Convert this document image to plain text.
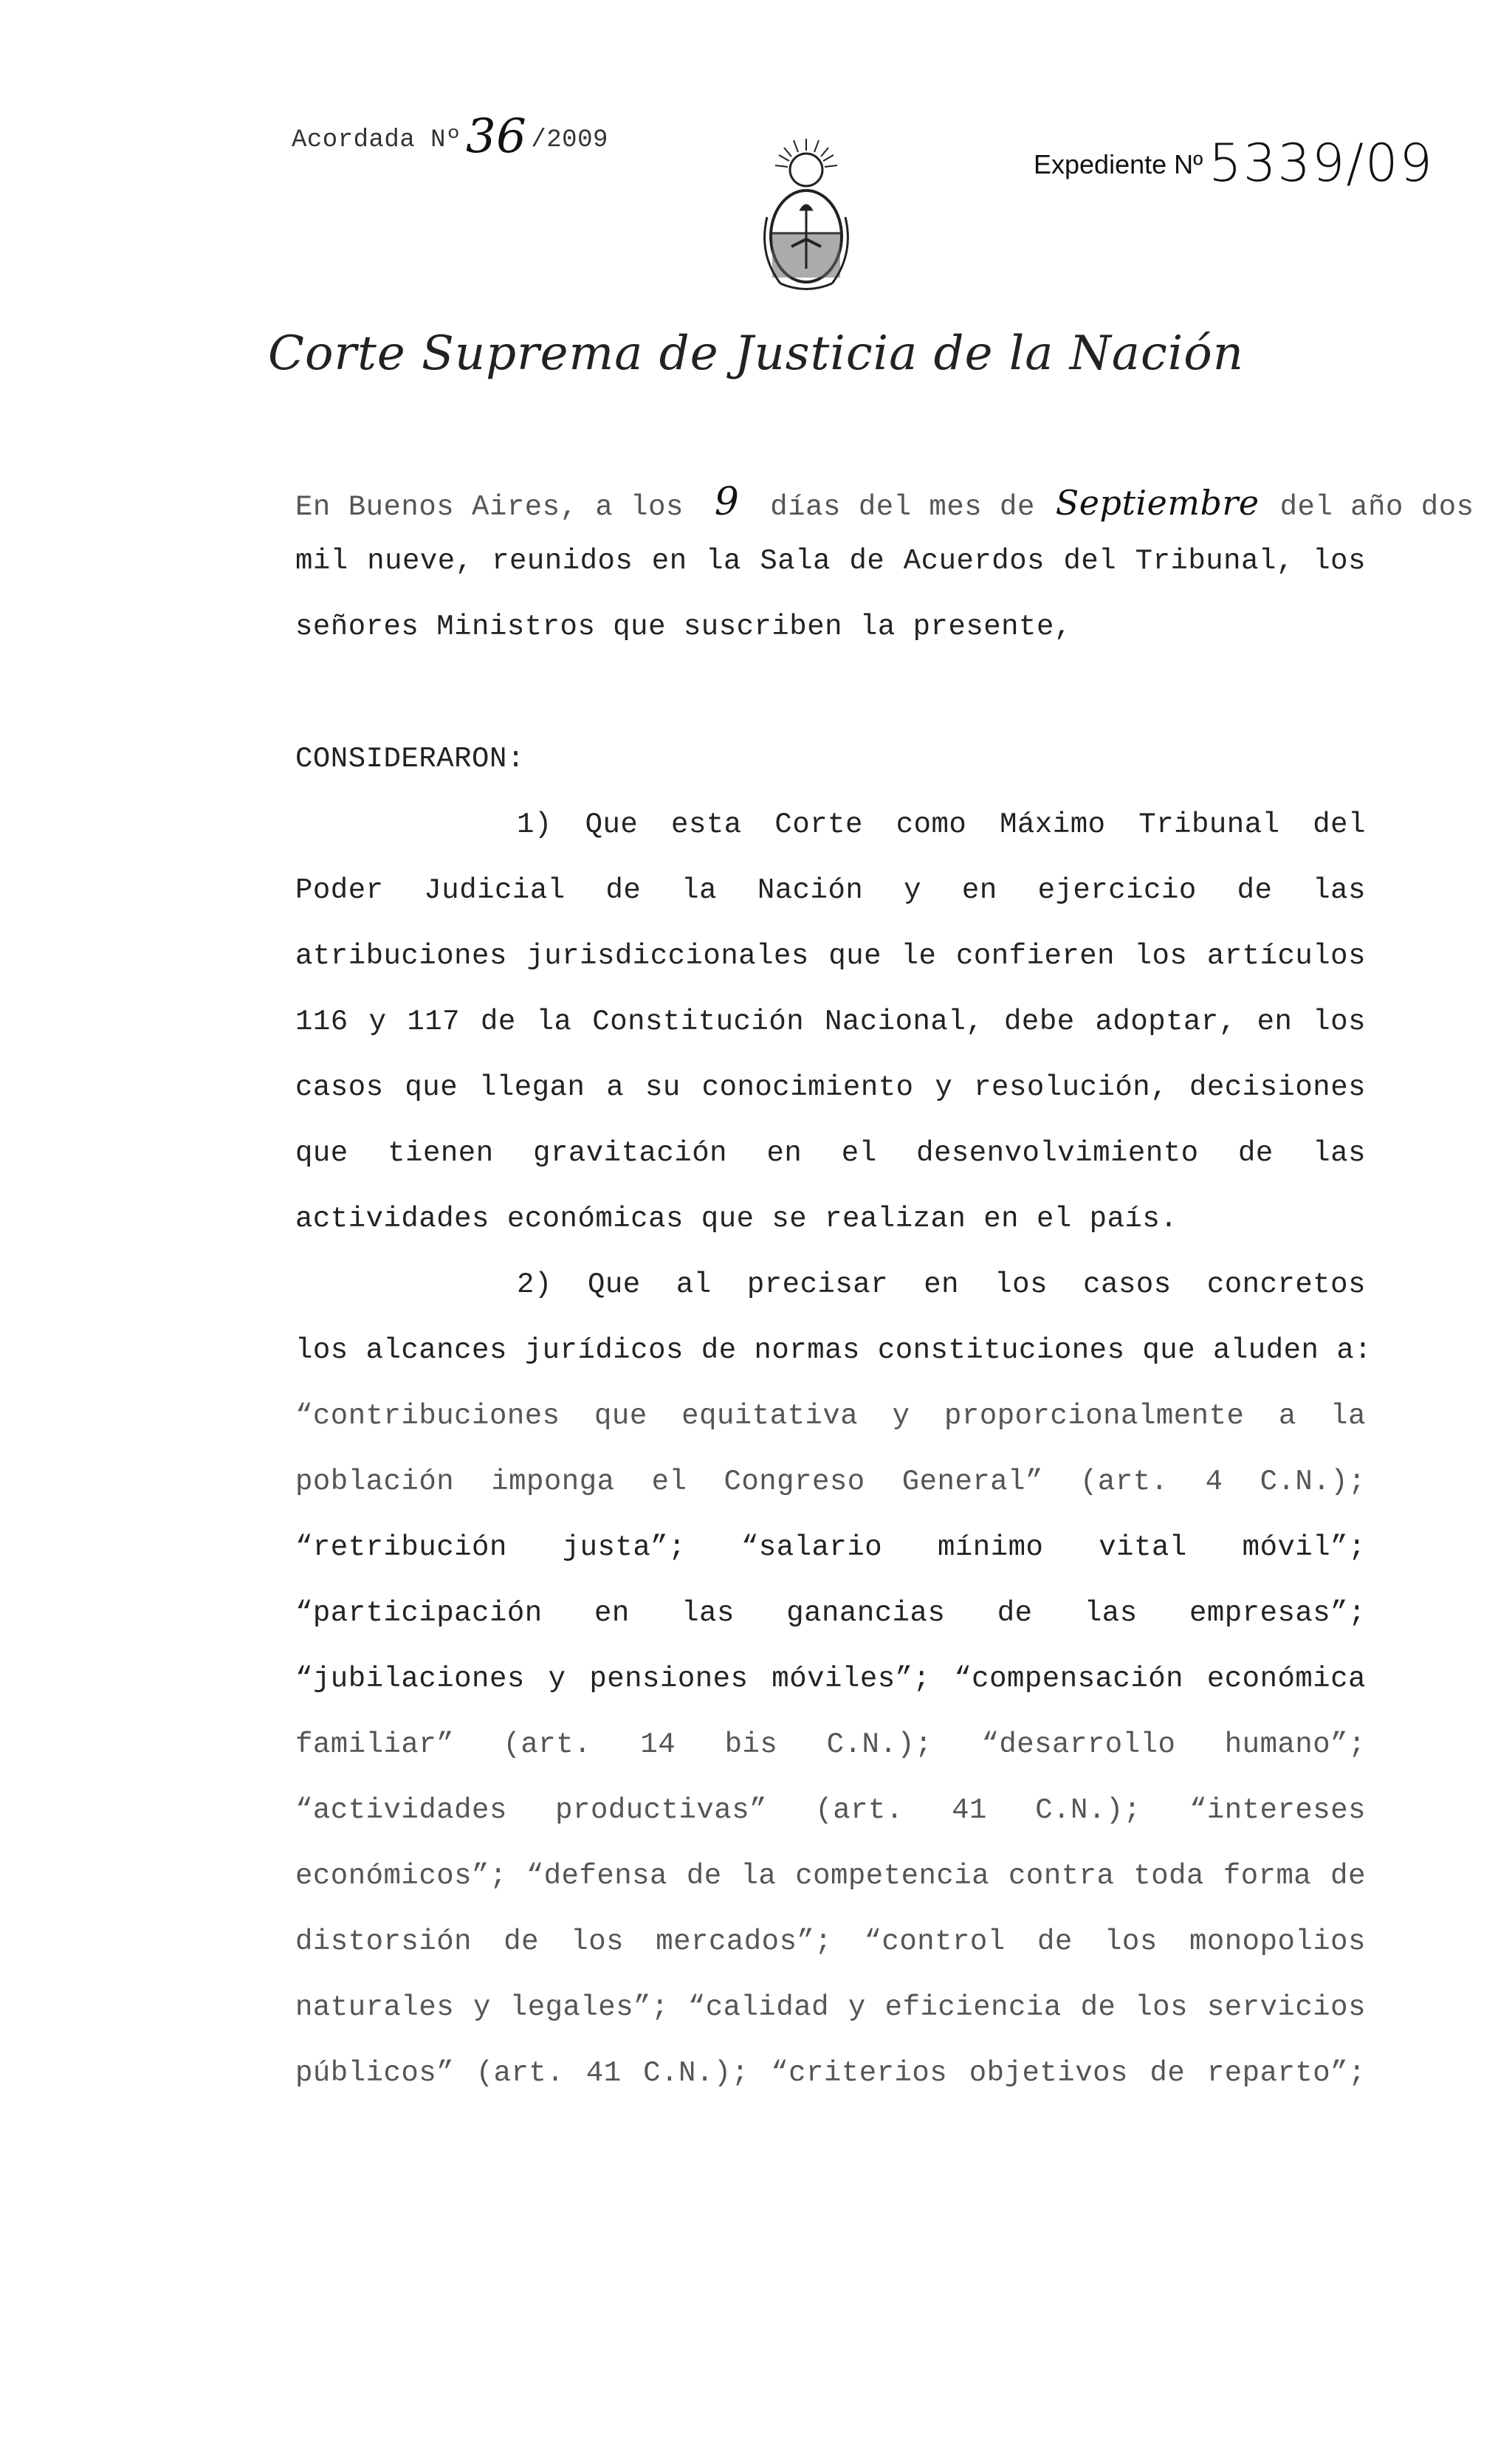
Acordada Nº36 /2009
Expediente Nº 5339/09
Corte Suprema de Justicia de la Nación
En Buenos Aires, a los 9 días del mes de Septiembre del año dos
mil nueve, reunidos en la Sala de Acuerdos del Tribunal, los
señores Ministros que suscriben la presente,
CONSIDERARON:
1) Que esta Corte como Máximo Tribunal del
Poder Judicial de la Nación y en ejercicio de las
atribuciones jurisdiccionales que le confieren los artículos
116 y 117 de la Constitución Nacional, debe adoptar, en los
casos que llegan a su conocimiento y resolución, decisiones
que tienen gravitación en el desenvolvimiento de las
actividades económicas que se realizan en el país.
2) Que al precisar en los casos concretos
los alcances jurídicos de normas constituciones que aluden a:
“contribuciones que equitativa y proporcionalmente a la
población imponga el Congreso General” (art. 4 C.N.);
“retribución justa”; “salario mínimo vital móvil”;
“participación en las ganancias de las empresas”;
“jubilaciones y pensiones móviles”; “compensación económica
familiar” (art. 14 bis C.N.); “desarrollo humano”;
“actividades productivas” (art. 41 C.N.); “intereses
económicos”; “defensa de la competencia contra toda forma de
distorsión de los mercados”; “control de los monopolios
naturales y legales”; “calidad y eficiencia de los servicios
públicos” (art. 41 C.N.); “criterios objetivos de reparto”;
